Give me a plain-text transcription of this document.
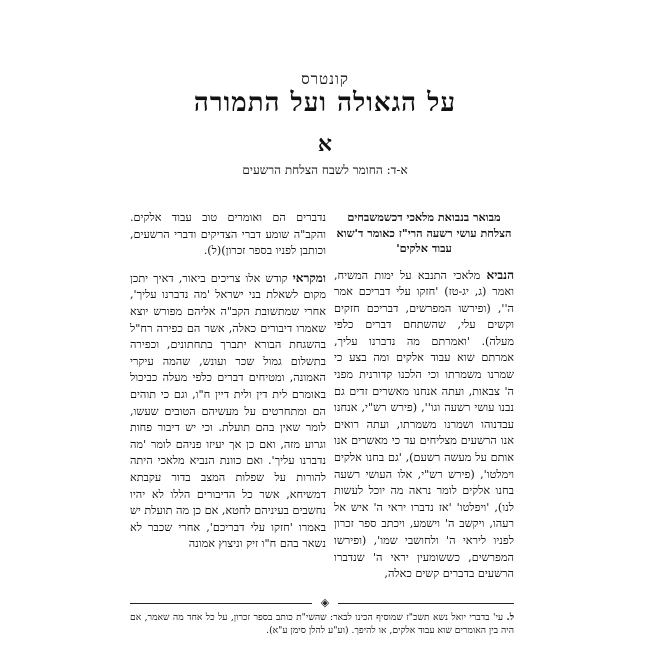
קונטרס
על הגאולה ועל התמורה
א
א-ד: החומר לשבח הצלחת הרשעים
מבואר בנבואת מלאכי דכשמשבחים
הצלחת עושי רשעה הרי"ז כאומר ד'שוא
עבוד אלקים'

הנביא מלאכי התנבא על ימות המשיח, ואמר (ג, יג-טז) 'חזקו עלי דבריכם אמר ה'', (ופירשו המפרשים, דבריכם חזקים וקשים עלי, שהשתחם דברים כלפי מעלה). 'ואמרתם מה נדברנו עליך, אמרתם שוא עבוד אלקים ומה בצע כי שמרנו משמרתו וכי הלכנו קדורנית מפני ה' צבאות, ועתה אנחנו מאשרים זדים גם נבנו עושי רשעה וגו'', (פירש רש"י, אנחנו עבדנוהו ושמרנו משמרתו, ועתה רואים אנו הרשעים מצליחים עד כי מאשרים אנו אותם על מעשה רשעם), 'גם בחנו אלקים וימלטו', (פירש רש"י, אלו העושי רשעה בחנו אלקים לומר נראה מה יוכל לעשות לנו), 'ויפלטו' 'אז נדברו יראי ה' איש אל רעהו, ויקשב ה' וישמע, ויכתב ספר זכרון לפניו ליראי ה' ולחושבי שמו', (ופירשו המפרשים, כששומעין יראי ה' שנדברו הרשעים בדברים קשים כאלה,

נדברים הם ואומרים טוב עבוד אלקים. והקב"ה שומע דברי הצדיקים ודברי הרשעים, וכותבן לפניו בספר זכרון)(ל).

ומקראי קודש אלו צריכים ביאור, דאיך יתכן מקום לשאלת בני ישראל 'מה נדברנו עליך', אחרי שמתשובת הקב"ה אליהם מפורש יוצא שאמרו דיבורים כאלה, אשר הם כפירה רח"ל בהשגחת הבורא יתברך בתחתונים, וכפירה בתשלום גמול שכר ועונש, שהמה עיקרי האמונה, ומטיחים דברים כלפי מעלה כביכול באומרם לית דין ולית דיין ח"ו, וגם כי תוהים הם ומתחרטים על מעשיהם הטובים שעשו, לומר שאין בהם תועלת. וכי יש דיבור פחות וגרוע מזה, ואם כן אך יעיזו פניהם לומר 'מה נדברנו עליך'. ואם כוונת הנביא מלאכי היתה להורות על שפלות המצב בדור עקבתא דמשיחא, אשר כל הדיבורים הללו לא יהיו נחשבים בעיניהם לחטא, אם כן מה תועלת יש באמרו 'חזקו עלי דבריכם', אחרי שכבר לא נשאר בהם ח"ו זיק וניצוץ אמונה

◈
ל. עי' בדברי יואל נשא תשכ"ז שמוסיף הכינו לבאר: שהשי"ת כותב בספר זכרון, על כל אחד מה שאמר, אם היה בין האומרים שוא עבוד אלקים, או להיפך. (וע"ע להלן סימן ע"א).
